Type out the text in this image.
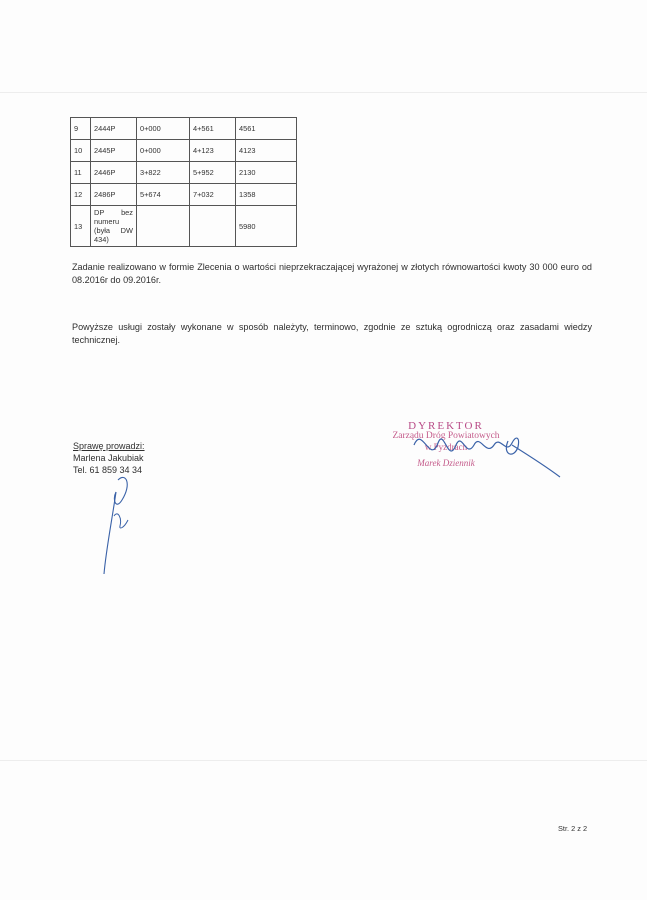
9	2444P	0+000	4+561	4561
10	2445P	0+000	4+123	4123
11	2446P	3+822	5+952	2130
12	2486P	5+674	7+032	1358
13	DP bez
numeru
(była DW
434)			5980

Zadanie realizowano w formie Zlecenia o wartości nieprzekraczającej wyrażonej w złotych równowartości kwoty 30 000 euro od 08.2016r do 09.2016r.

Powyższe usługi zostały wykonane w sposób należyty, terminowo, zgodnie ze sztuką ogrodniczą oraz zasadami wiedzy technicznej.

Sprawę prowadzi:
Marlena Jakubiak
Tel. 61 859 34 34
DYREKTOR
Zarządu Dróg Powiatowych
w Pyzdrach
Marek Dziennik
Str. 2 z 2
